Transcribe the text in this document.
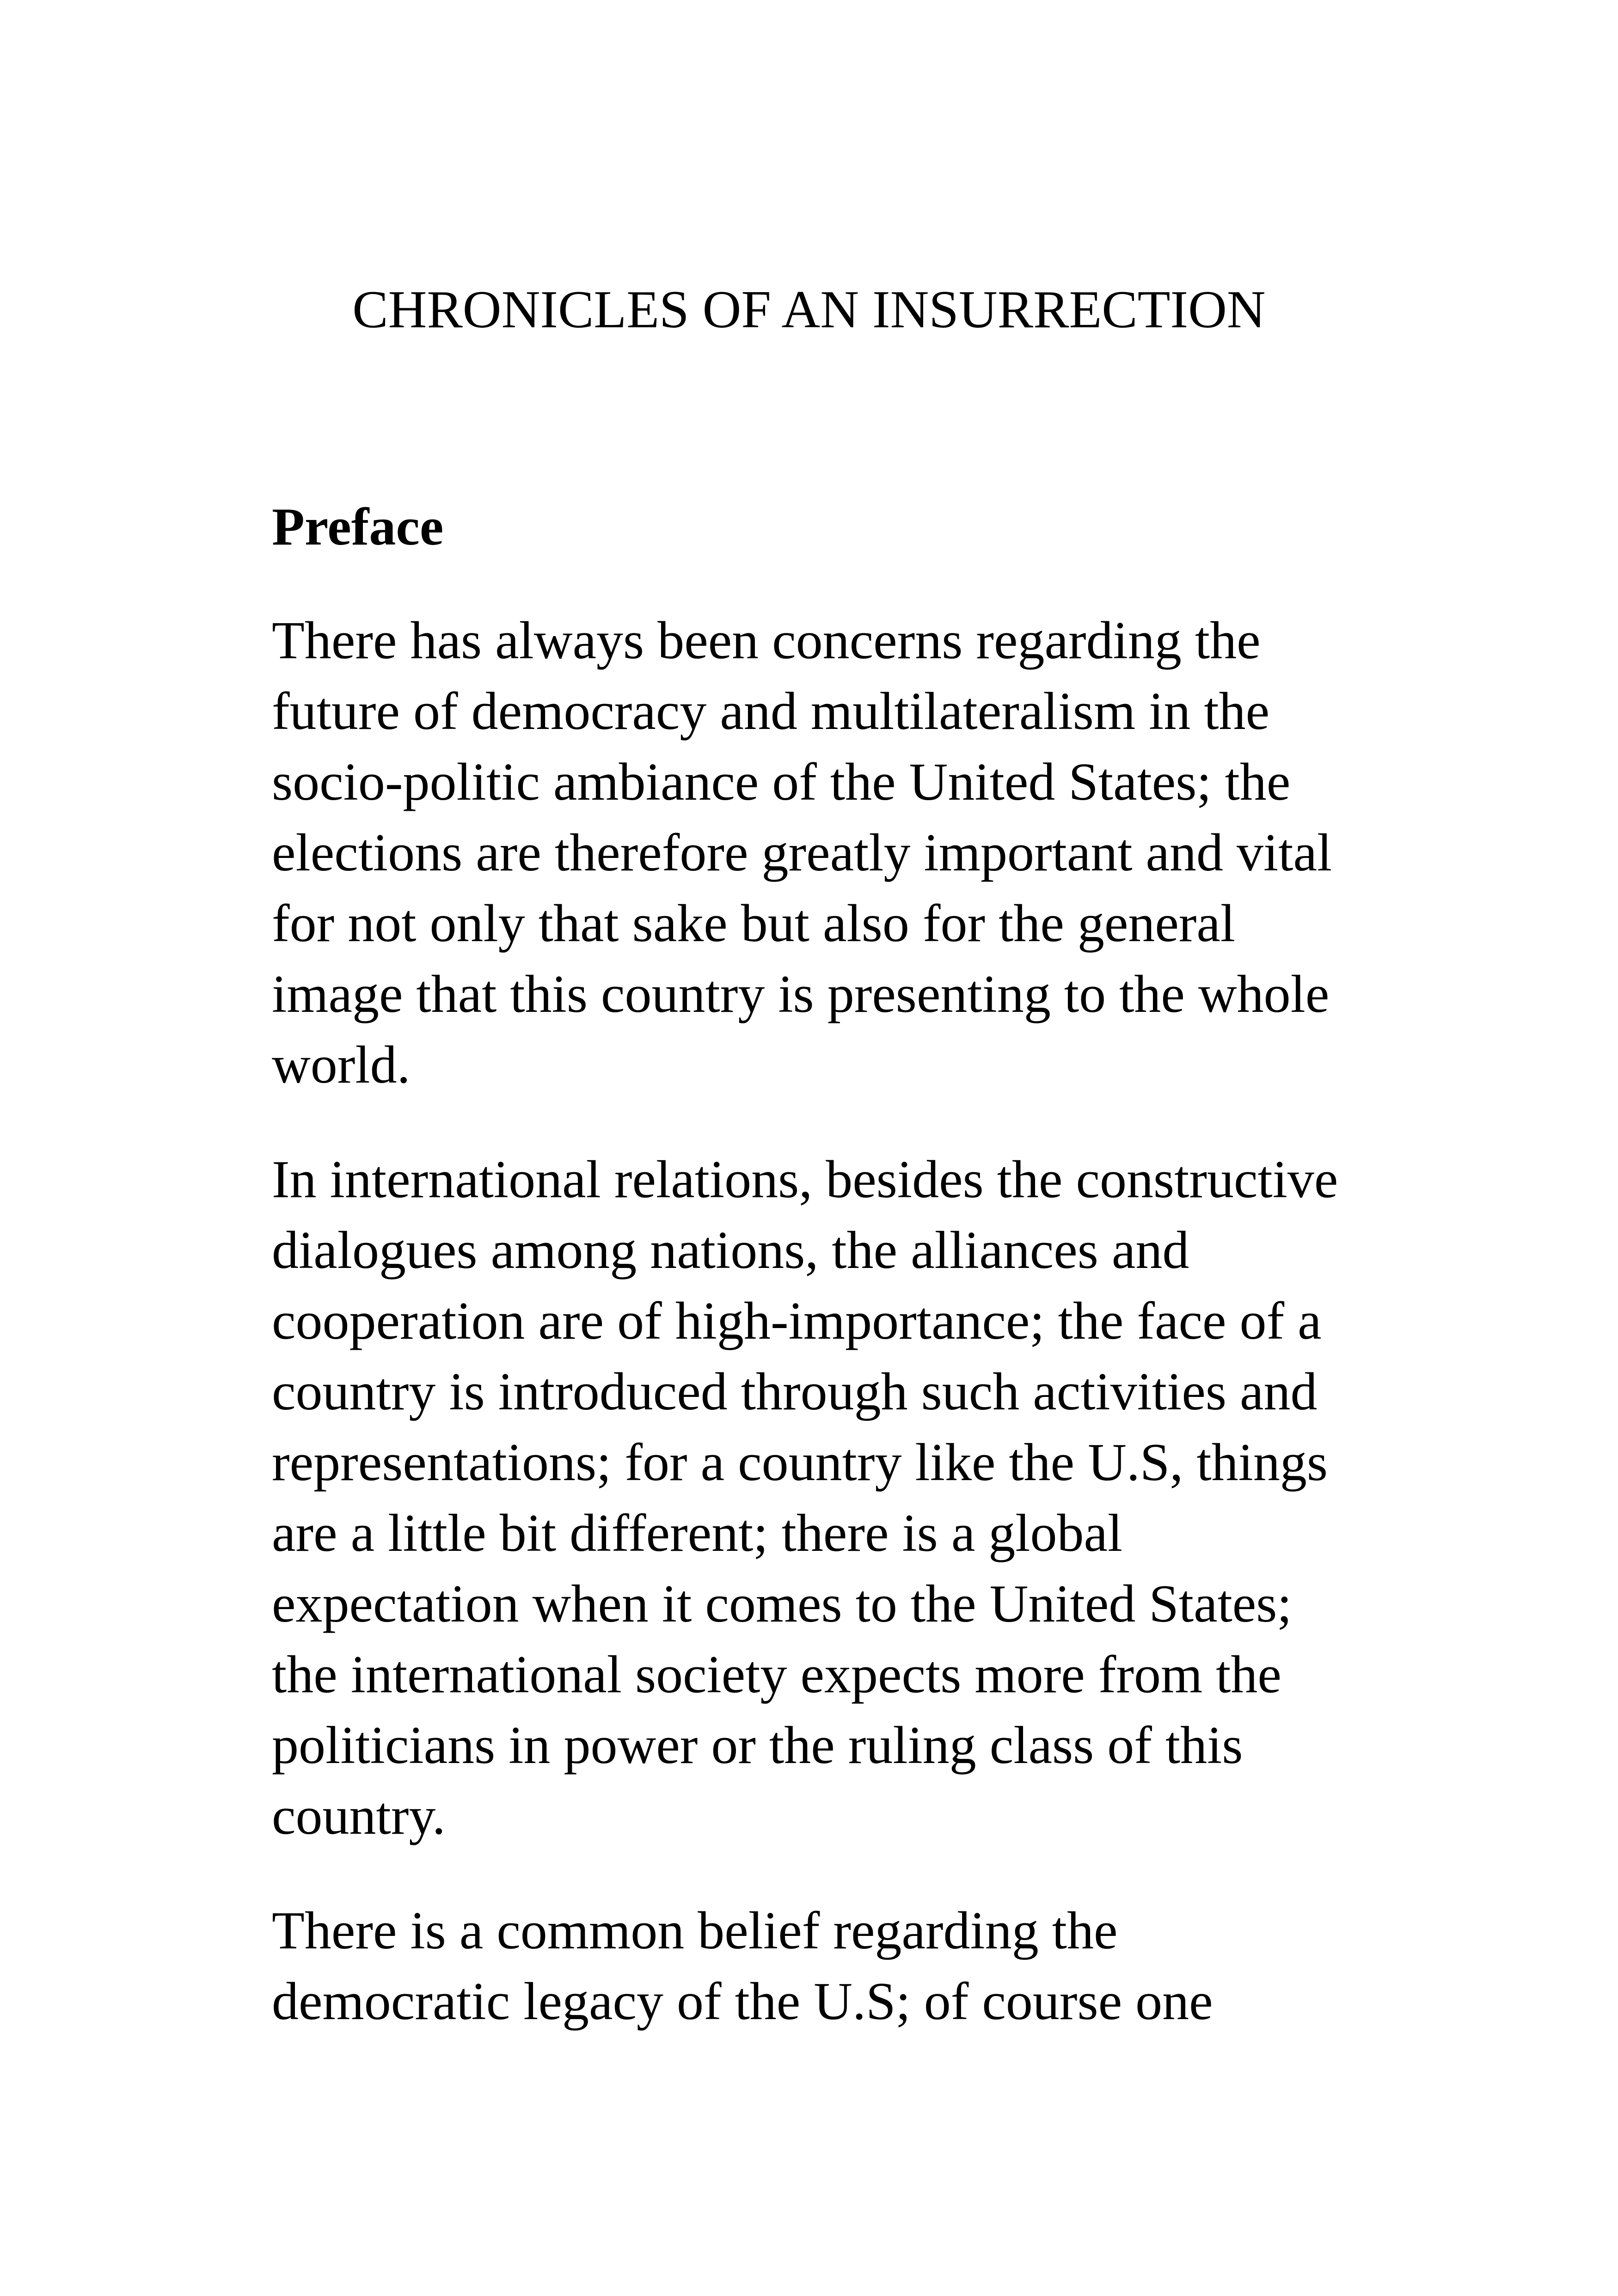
CHRONICLES OF AN INSURRECTION
Preface

There has always been concerns regarding the
future of democracy and multilateralism in the
socio-politic ambiance of the United States; the
elections are therefore greatly important and vital
for not only that sake but also for the general
image that this country is presenting to the whole
world.

In international relations, besides the constructive
dialogues among nations, the alliances and
cooperation are of high-importance; the face of a
country is introduced through such activities and
representations; for a country like the U.S, things
are a little bit different; there is a global
expectation when it comes to the United States;
the international society expects more from the
politicians in power or the ruling class of this
country.

There is a common belief regarding the
democratic legacy of the U.S; of course one
